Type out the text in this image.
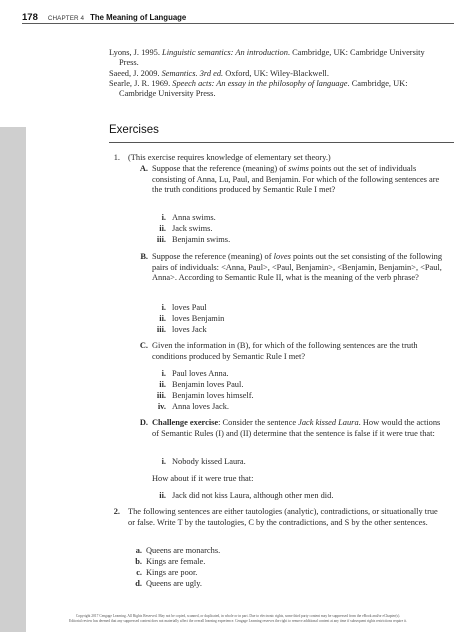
178 CHAPTER 4 The Meaning of Language
Lyons, J. 1995. Linguistic semantics: An introduction. Cambridge, UK: Cambridge University Press.
Saeed, J. 2009. Semantics. 3rd ed. Oxford, UK: Wiley-Blackwell.
Searle, J. R. 1969. Speech acts: An essay in the philosophy of language. Cambridge, UK: Cambridge University Press.
Exercises
1. (This exercise requires knowledge of elementary set theory.)
A. Suppose that the reference (meaning) of swims points out the set of individuals consisting of Anna, Lu, Paul, and Benjamin. For which of the following sentences are the truth conditions produced by Semantic Rule I met?
i. Anna swims.
ii. Jack swims.
iii. Benjamin swims.
B. Suppose the reference (meaning) of loves points out the set consisting of the following pairs of individuals: <Anna, Paul>, <Paul, Benjamin>, <Benjamin, Benjamin>, <Paul, Anna>. According to Semantic Rule II, what is the meaning of the verb phrase?
i. loves Paul
ii. loves Benjamin
iii. loves Jack
C. Given the information in (B), for which of the following sentences are the truth conditions produced by Semantic Rule I met?
i. Paul loves Anna.
ii. Benjamin loves Paul.
iii. Benjamin loves himself.
iv. Anna loves Jack.
D. Challenge exercise: Consider the sentence Jack kissed Laura. How would the actions of Semantic Rules (I) and (II) determine that the sentence is false if it were true that:
i. Nobody kissed Laura.
How about if it were true that:
ii. Jack did not kiss Laura, although other men did.
2. The following sentences are either tautologies (analytic), contradictions, or situationally true or false. Write T by the tautologies, C by the contradictions, and S by the other sentences.
a. Queens are monarchs.
b. Kings are female.
c. Kings are poor.
d. Queens are ugly.
Copyright 2017 Cengage Learning. All Rights Reserved. May not be copied, scanned, or duplicated, in whole or in part. Due to electronic rights, some third party content may be suppressed from the eBook and/or eChapter(s).
Editorial review has deemed that any suppressed content does not materially affect the overall learning experience. Cengage Learning reserves the right to remove additional content at any time if subsequent rights restrictions require it.
